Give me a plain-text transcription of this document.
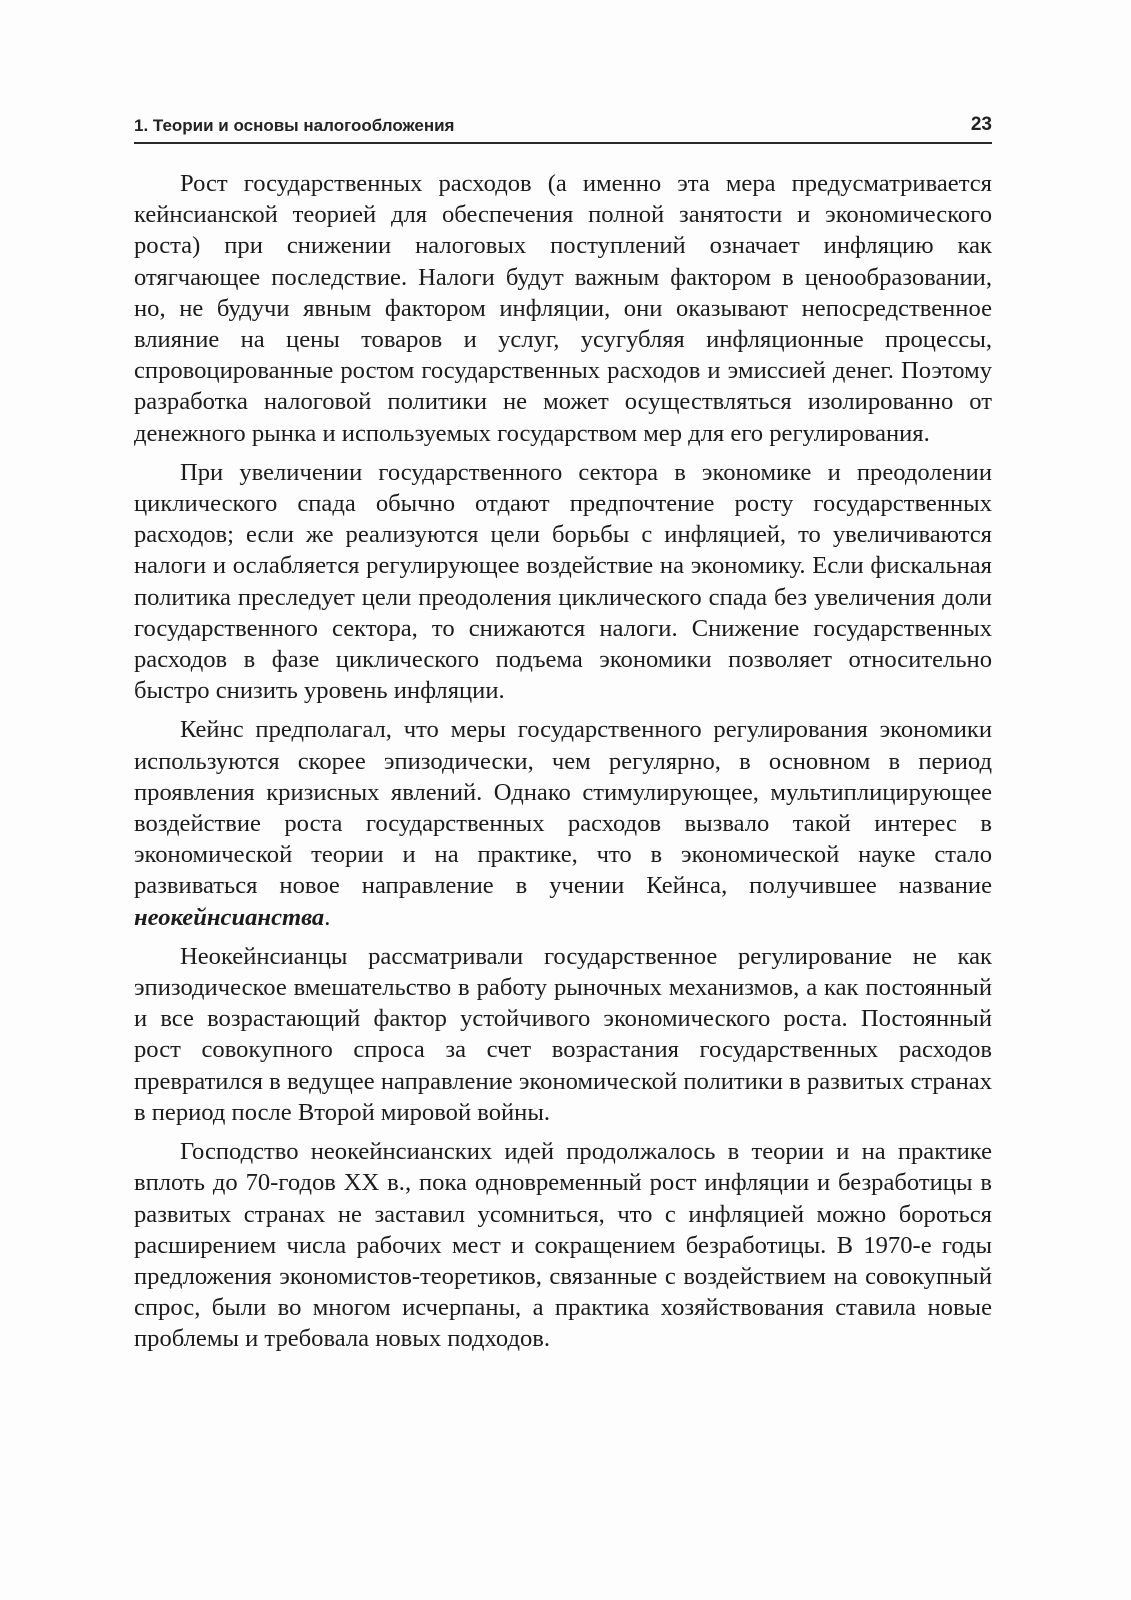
1. Теории и основы налогообложения	23

Рост государственных расходов (а именно эта мера предусматривается кейнсианской теорией для обеспечения полной занятости и экономического роста) при снижении налоговых поступлений означает инфляцию как отягчающее последствие. Налоги будут важным фактором в ценообразовании, но, не будучи явным фактором инфляции, они оказывают непосредственное влияние на цены товаров и услуг, усугубляя инфляционные процессы, спровоцированные ростом государственных расходов и эмиссией денег. Поэтому разработка налоговой политики не может осуществляться изолированно от денежного рынка и используемых государством мер для его регулирования.

При увеличении государственного сектора в экономике и преодолении циклического спада обычно отдают предпочтение росту государственных расходов; если же реализуются цели борьбы с инфляцией, то увеличиваются налоги и ослабляется регулирующее воздействие на экономику. Если фискальная политика преследует цели преодоления циклического спада без увеличения доли государственного сектора, то снижаются налоги. Снижение государственных расходов в фазе циклического подъема экономики позволяет относительно быстро снизить уровень инфляции.

Кейнс предполагал, что меры государственного регулирования экономики используются скорее эпизодически, чем регулярно, в основном в период проявления кризисных явлений. Однако стимулирующее, мультиплицирующее воздействие роста государственных расходов вызвало такой интерес в экономической теории и на практике, что в экономической науке стало развиваться новое направление в учении Кейнса, получившее название неокейнсианства.

Неокейнсианцы рассматривали государственное регулирование не как эпизодическое вмешательство в работу рыночных механизмов, а как постоянный и все возрастающий фактор устойчивого экономического роста. Постоянный рост совокупного спроса за счет возрастания государственных расходов превратился в ведущее направление экономической политики в развитых странах в период после Второй мировой войны.

Господство неокейнсианских идей продолжалось в теории и на практике вплоть до 70-годов XX в., пока одновременный рост инфляции и безработицы в развитых странах не заставил усомниться, что с инфляцией можно бороться расширением числа рабочих мест и сокращением безработицы. В 1970-е годы предложения экономистов-теоретиков, связанные с воздействием на совокупный спрос, были во многом исчерпаны, а практика хозяйствования ставила новые проблемы и требовала новых подходов.
